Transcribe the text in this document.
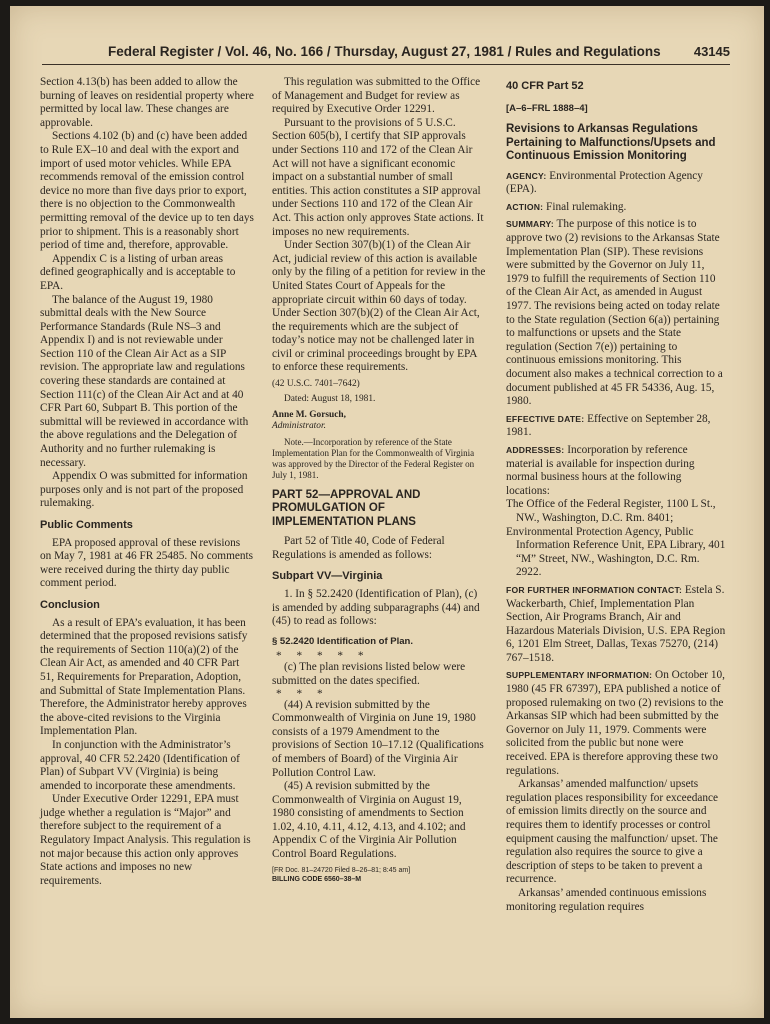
Federal Register / Vol. 46, No. 166 / Thursday, August 27, 1981 / Rules and Regulations	43145

Section 4.13(b) has been added to allow the burning of leaves on residential property where permitted by local law. These changes are approvable.

Sections 4.102 (b) and (c) have been added to Rule EX–10 and deal with the export and import of used motor vehicles. While EPA recommends removal of the emission control device no more than five days prior to export, there is no objection to the Commonwealth permitting removal of the device up to ten days prior to shipment. This is a reasonably short period of time and, therefore, approvable.

Appendix C is a listing of urban areas defined geographically and is acceptable to EPA.

The balance of the August 19, 1980 submittal deals with the New Source Performance Standards (Rule NS–3 and Appendix I) and is not reviewable under Section 110 of the Clean Air Act as a SIP revision. The appropriate law and regulations covering these standards are contained at Section 111(c) of the Clean Air Act and at 40 CFR Part 60, Subpart B. This portion of the submittal will be reviewed in accordance with the above regulations and the Delegation of Authority and no further rulemaking is necessary.

Appendix O was submitted for information purposes only and is not part of the proposed rulemaking.

Public Comments

EPA proposed approval of these revisions on May 7, 1981 at 46 FR 25485. No comments were received during the thirty day public comment period.

Conclusion

As a result of EPA’s evaluation, it has been determined that the proposed revisions satisfy the requirements of Section 110(a)(2) of the Clean Air Act, as amended and 40 CFR Part 51, Requirements for Preparation, Adoption, and Submittal of State Implementation Plans. Therefore, the Administrator hereby approves the above-cited revisions to the Virginia Implementation Plan.

In conjunction with the Administrator’s approval, 40 CFR 52.2420 (Identification of Plan) of Subpart VV (Virginia) is being amended to incorporate these amendments.

Under Executive Order 12291, EPA must judge whether a regulation is “Major” and therefore subject to the requirement of a Regulatory Impact Analysis. This regulation is not major because this action only approves State actions and imposes no new requirements.

This regulation was submitted to the Office of Management and Budget for review as required by Executive Order 12291.

Pursuant to the provisions of 5 U.S.C. Section 605(b), I certify that SIP approvals under Sections 110 and 172 of the Clean Air Act will not have a significant economic impact on a substantial number of small entities. This action constitutes a SIP approval under Sections 110 and 172 of the Clean Air Act. This action only approves State actions. It imposes no new requirements.

Under Section 307(b)(1) of the Clean Air Act, judicial review of this action is available only by the filing of a petition for review in the United States Court of Appeals for the appropriate circuit within 60 days of today. Under Section 307(b)(2) of the Clean Air Act, the requirements which are the subject of today’s notice may not be challenged later in civil or criminal proceedings brought by EPA to enforce these requirements.

(42 U.S.C. 7401–7642)

Dated: August 18, 1981.

Anne M. Gorsuch,

Administrator.

Note.—Incorporation by reference of the State Implementation Plan for the Commonwealth of Virginia was approved by the Director of the Federal Register on July 1, 1981.

PART 52—APPROVAL AND PROMULGATION OF IMPLEMENTATION PLANS

Part 52 of Title 40, Code of Federal Regulations is amended as follows:

Subpart VV—Virginia

1. In § 52.2420 (Identification of Plan), (c) is amended by adding subparagraphs (44) and (45) to read as follows:

§ 52.2420 Identification of Plan.

* * * * *

(c) The plan revisions listed below were submitted on the dates specified.

* * *

(44) A revision submitted by the Commonwealth of Virginia on June 19, 1980 consists of a 1979 Amendment to the provisions of Section 10–17.12 (Qualifications of members of Board) of the Virginia Air Pollution Control Law.

(45) A revision submitted by the Commonwealth of Virginia on August 19, 1980 consisting of amendments to Section 1.02, 4.10, 4.11, 4.12, 4.13, and 4.102; and Appendix C of the Virginia Air Pollution Control Board Regulations.

[FR Doc. 81–24720 Filed 8–26–81; 8:45 am]

BILLING CODE 6560–38–M

40 CFR Part 52
[A–6–FRL 1888–4]
Revisions to Arkansas Regulations Pertaining to Malfunctions/Upsets and Continuous Emission Monitoring

AGENCY: Environmental Protection Agency (EPA).

ACTION: Final rulemaking.

SUMMARY: The purpose of this notice is to approve two (2) revisions to the Arkansas State Implementation Plan (SIP). These revisions were submitted by the Governor on July 11, 1979 to fulfill the requirements of Section 110 of the Clean Air Act, as amended in August 1977. The revisions being acted on today relate to the State regulation (Section 6(a)) pertaining to malfunctions or upsets and the State regulation (Section 7(e)) pertaining to continuous emissions monitoring. This document also makes a technical correction to a document published at 45 FR 54336, Aug. 15, 1980.

EFFECTIVE DATE: Effective on September 28, 1981.

ADDRESSES: Incorporation by reference material is available for inspection during normal business hours at the following locations:

The Office of the Federal Register, 1100 L St., NW., Washington, D.C. Rm. 8401;

Environmental Protection Agency, Public Information Reference Unit, EPA Library, 401 “M” Street, NW., Washington, D.C. Rm. 2922.

FOR FURTHER INFORMATION CONTACT: Estela S. Wackerbarth, Chief, Implementation Plan Section, Air Programs Branch, Air and Hazardous Materials Division, U.S. EPA Region 6, 1201 Elm Street, Dallas, Texas 75270, (214) 767–1518.

SUPPLEMENTARY INFORMATION: On October 10, 1980 (45 FR 67397), EPA published a notice of proposed rulemaking on two (2) revisions to the Arkansas SIP which had been submitted by the Governor on July 11, 1979. Comments were solicited from the public but none were received. EPA is therefore approving these two regulations.

Arkansas’ amended malfunction/ upsets regulation places responsibility for exceedance of emission limits directly on the source and requires them to identify processes or control equipment causing the malfunction/ upset. The regulation also requires the source to give a description of steps to be taken to prevent a recurrence.

Arkansas’ amended continuous emissions monitoring regulation requires
